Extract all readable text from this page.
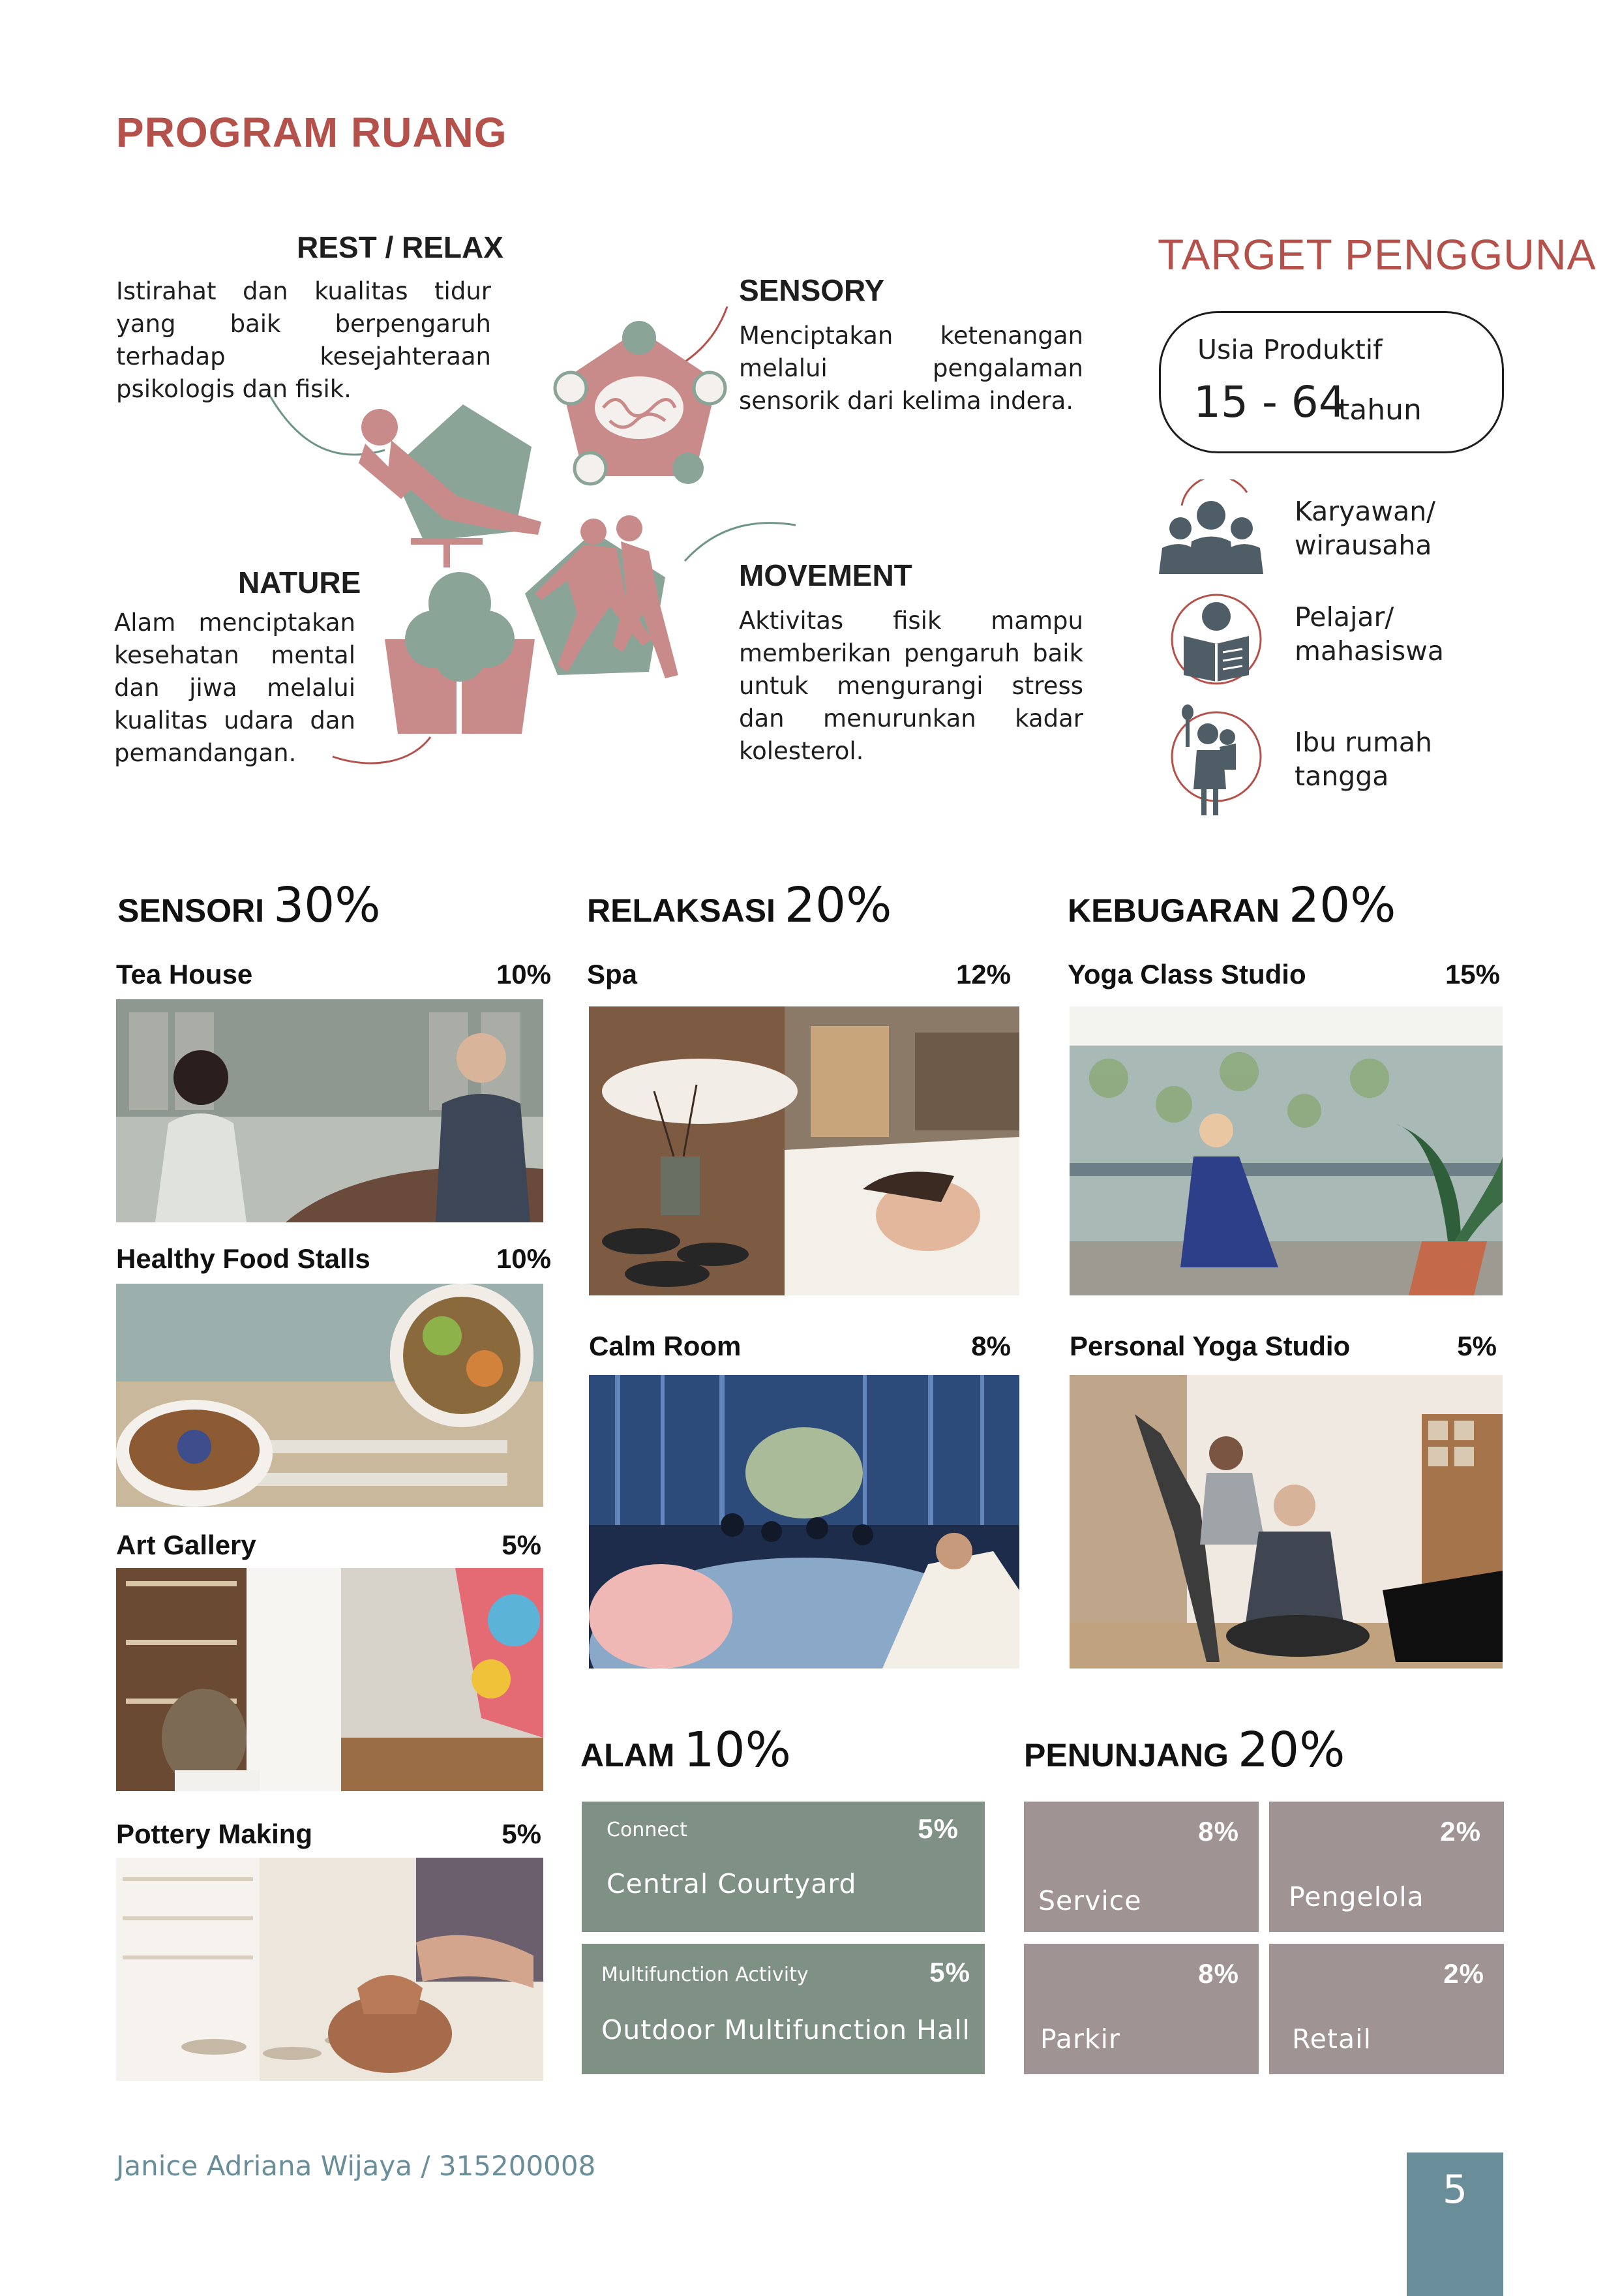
PROGRAM RUANG
REST / RELAX
Istirahat dan kualitas tidur yang baik berpengaruh terhadap kesejahteraan psikologis dan fisik.
SENSORY
Menciptakan ketenangan melalui pengalaman sensorik dari kelima indera.
NATURE
Alam menciptakan kesehatan mental dan jiwa melalui kualitas udara dan pemandangan.
MOVEMENT
Aktivitas fisik mampu memberikan pengaruh baik untuk mengurangi stress dan menurunkan kadar kolesterol.
TARGET PENGGUNA
Usia Produktif
15 - 64
tahun
Karyawan/
wirausaha
Pelajar/
mahasiswa
Ibu rumah
tangga
SENSORI 30%	RELAKSASI 20%	KEBUGARAN 20%
Tea House	10%
Healthy Food Stalls	10%
Art Gallery	5%
Pottery Making	5%
Spa	12%
Calm Room	8%
Yoga Class Studio	15%
Personal Yoga Studio	5%
ALAM 10%
Connect	5%
Central Courtyard
Multifunction Activity	5%
Outdoor Multifunction Hall
PENUNJANG 20%
8%
Service
2%
Pengelola
8%
Parkir
2%
Retail
Janice Adriana Wijaya / 315200008
5
